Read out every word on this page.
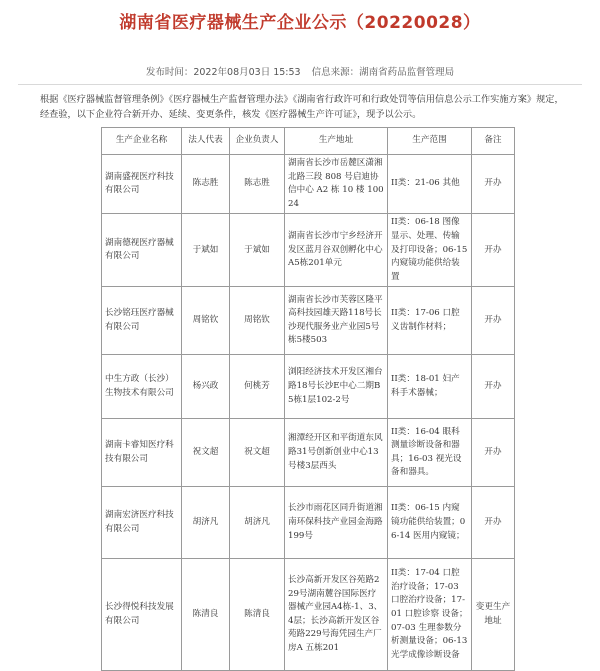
湖南省医疗器械生产企业公示（20220028）
发布时间：2022年08月03日 15:53 信息来源：湖南省药品监督管理局
根据《医疗器械监督管理条例》《医疗器械生产监督管理办法》《湖南省行政许可和行政处罚等信用信息公示工作实施方案》规定，经查验，以下企业符合新开办、延续、变更条件，核发《医疗器械生产许可证》，现予以公示。
生产企业名称	法人代表	企业负责人	生产地址	生产范围	备注
湖南盛视医疗科技有限公司	陈志胜	陈志胜	湖南省长沙市岳麓区潇湘北路三段 808 号启迪协信中心 A2 栋 10 楼 10024	II类：21-06 其他	开办
湖南德视医疗器械有限公司	于斌如	于斌如	湖南省长沙市宁乡经济开发区蓝月谷双创孵化中心A5栋201单元	II类：06-18 图像显示、处理、传输及打印设备；06-15 内窥镜功能供给装置	开办
长沙铭珏医疗器械有限公司	周铭钦	周铭钦	湖南省长沙市芙蓉区隆平高科技园雄天路118号长沙现代服务业产业园5号栋5楼503	II类：17-06 口腔义齿制作材料；	开办
中生方政（长沙）生物技术有限公司	杨兴政	何桃芳	浏阳经济技术开发区湘台路18号长沙E中心二期B5栋1层102-2号	II类：18-01 妇产科手术器械；	开办
湖南卡睿知医疗科技有限公司	祝文超	祝文超	湘潭经开区和平街道东风路31号创新创业中心13号楼3层西头	II类：16-04 眼科测量诊断设备和器具；16-03 视光设备和器具。	开办
湖南宏济医疗科技有限公司	胡济凡	胡济凡	长沙市雨花区同升街道湘南环保科技产业园金海路199号	II类：06-15 内窥镜功能供给装置；06-14 医用内窥镜；	开办
长沙得悦科技发展有限公司	陈清良	陈清良	长沙高新开发区谷苑路229号湖南麓谷国际医疗器械产业园A4栋-1、3、4层；长沙高新开发区谷苑路229号海凭园生产厂房A 五栋201	II类：17-04 口腔治疗设备；17-03 口腔治疗设备；17-01 口腔诊察 设备；07-03 生理参数分析测量设备；06-13 光学成像诊断设备	变更生产地址
